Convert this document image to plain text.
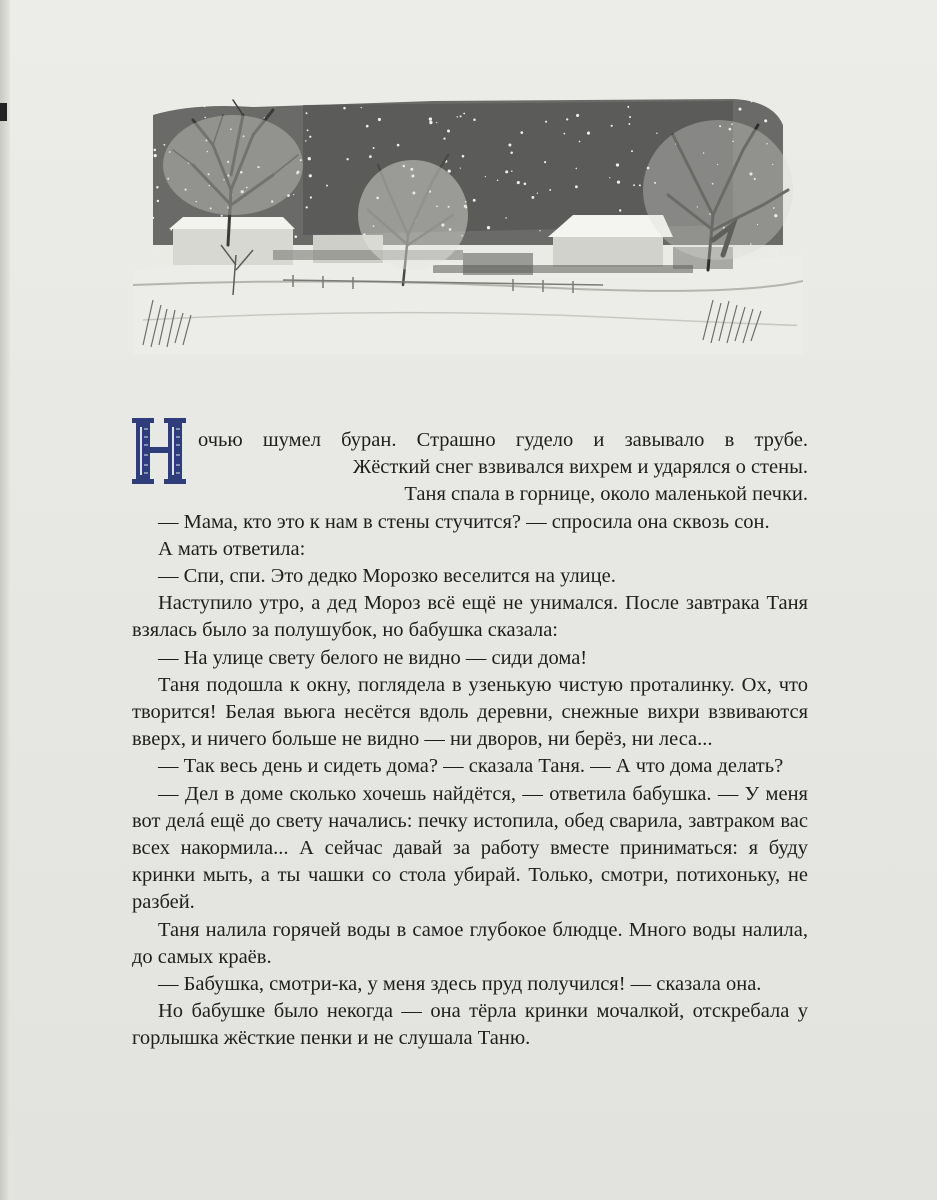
очью шумел буран. Страшно гудело и завывало в трубе.
Жёсткий снег взвивался вихрем и ударялся о стены.
Таня спала в горнице, около маленькой печки.

— Мама, кто это к нам в стены стучится? — спросила она сквозь сон.

А мать ответила:

— Спи, спи. Это дедко Морозко веселится на улице.

Наступило утро, а дед Мороз всё ещё не унимался. После завтрака Таня взялась было за полушубок, но бабушка сказала:

— На улице свету белого не видно — сиди дома!

Таня подошла к окну, поглядела в узенькую чистую проталинку. Ох, что творится! Белая вьюга несётся вдоль деревни, снежные вихри взвиваются вверх, и ничего больше не видно — ни дворов, ни берёз, ни леса...

— Так весь день и сидеть дома? — сказала Таня. — А что дома делать?

— Дел в доме сколько хочешь найдётся, — ответила бабушка. — У меня вот делá ещё до свету начались: печку истопила, обед сварила, завтраком вас всех накормила... А сейчас давай за работу вместе приниматься: я буду кринки мыть, а ты чашки со стола убирай. Только, смотри, потихоньку, не разбей.

Таня налила горячей воды в самое глубокое блюдце. Много воды налила, до самых краёв.

— Бабушка, смотри-ка, у меня здесь пруд получился! — сказала она.

Но бабушке было некогда — она тёрла кринки мочалкой, отскребала у горлышка жёсткие пенки и не слушала Таню.
